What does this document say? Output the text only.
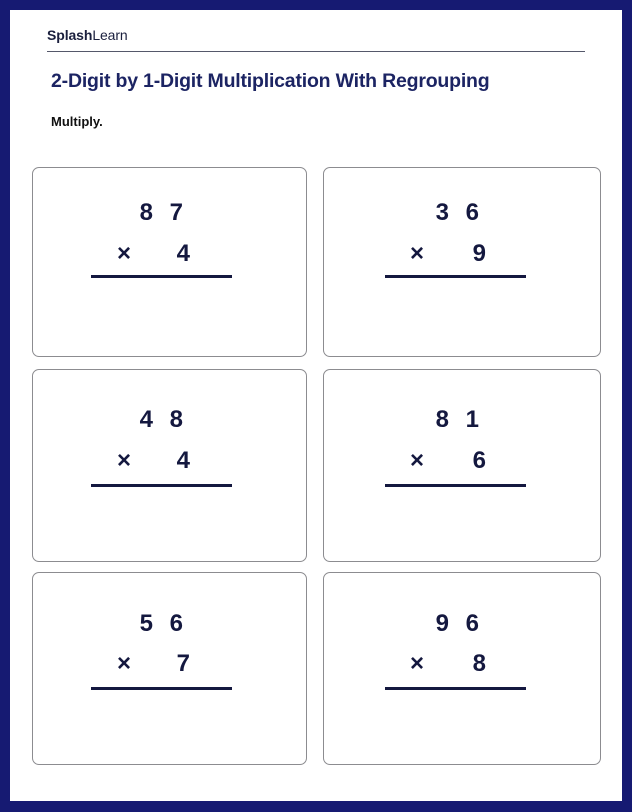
SplashLearn
2-Digit by 1-Digit Multiplication With Regrouping
Multiply.
8 7
× 4
3 6
× 9
4 8
× 4
8 1
× 6
5 6
× 7
9 6
× 8
